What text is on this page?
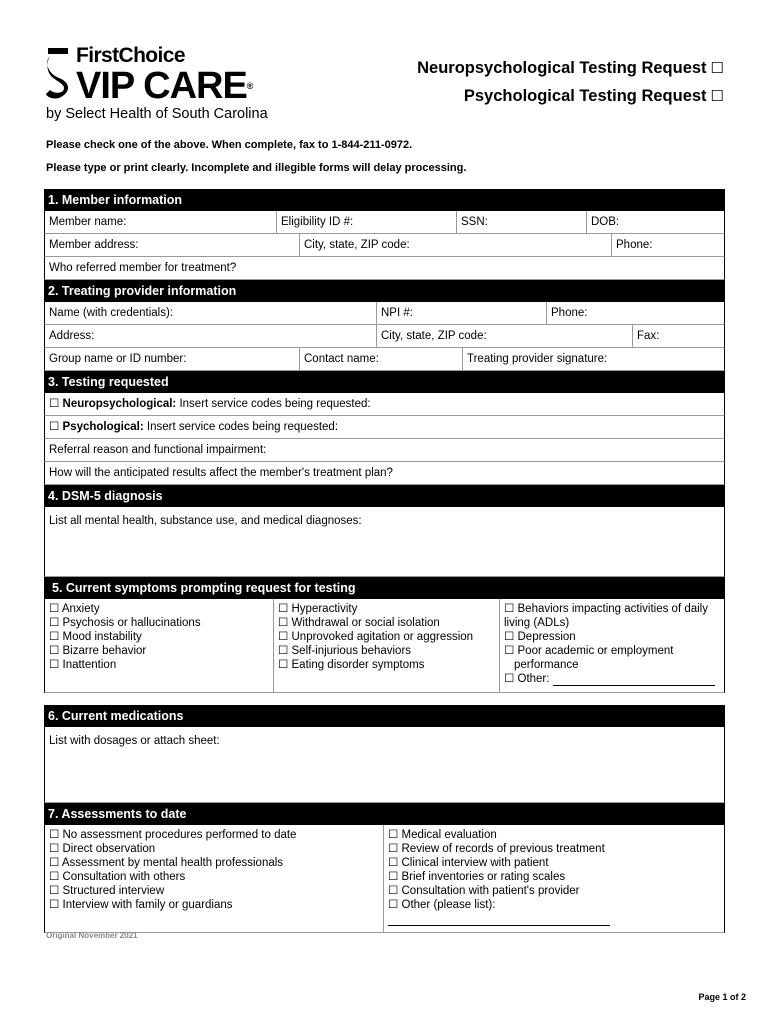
FirstChoice
VIP CARE®
by Select Health of South Carolina
Neuropsychological Testing Request ☐
Psychological Testing Request ☐
Please check one of the above. When complete, fax to 1-844-211-0972.
Please type or print clearly. Incomplete and illegible forms will delay processing.
1. Member information
Member name:	Eligibility ID #:	SSN:	DOB:
Member address:	City, state, ZIP code:	Phone:
Who referred member for treatment?
2. Treating provider information
Name (with credentials):	NPI #:	Phone:
Address:	City, state, ZIP code:	Fax:
Group name or ID number:	Contact name:	Treating provider signature:
3. Testing requested
☐ Neuropsychological: Insert service codes being requested:
☐ Psychological: Insert service codes being requested:
Referral reason and functional impairment:
How will the anticipated results affect the member's treatment plan?
4. DSM-5 diagnosis
List all mental health, substance use, and medical diagnoses:
5. Current symptoms prompting request for testing
☐ Anxiety
☐ Psychosis or hallucinations
☐ Mood instability
☐ Bizarre behavior
☐ Inattention
☐ Hyperactivity
☐ Withdrawal or social isolation
☐ Unprovoked agitation or aggression
☐ Self-injurious behaviors
☐ Eating disorder symptoms
☐ Behaviors impacting activities of daily
living (ADLs)
☐ Depression
☐ Poor academic or employment
performance
☐ Other:
6. Current medications
List with dosages or attach sheet:
7. Assessments to date
☐ No assessment procedures performed to date
☐ Direct observation
☐ Assessment by mental health professionals
☐ Consultation with others
☐ Structured interview
☐ Interview with family or guardians
☐ Medical evaluation
☐ Review of records of previous treatment
☐ Clinical interview with patient
☐ Brief inventories or rating scales
☐ Consultation with patient's provider
☐ Other (please list):
Original November 2021
Page 1 of 2
